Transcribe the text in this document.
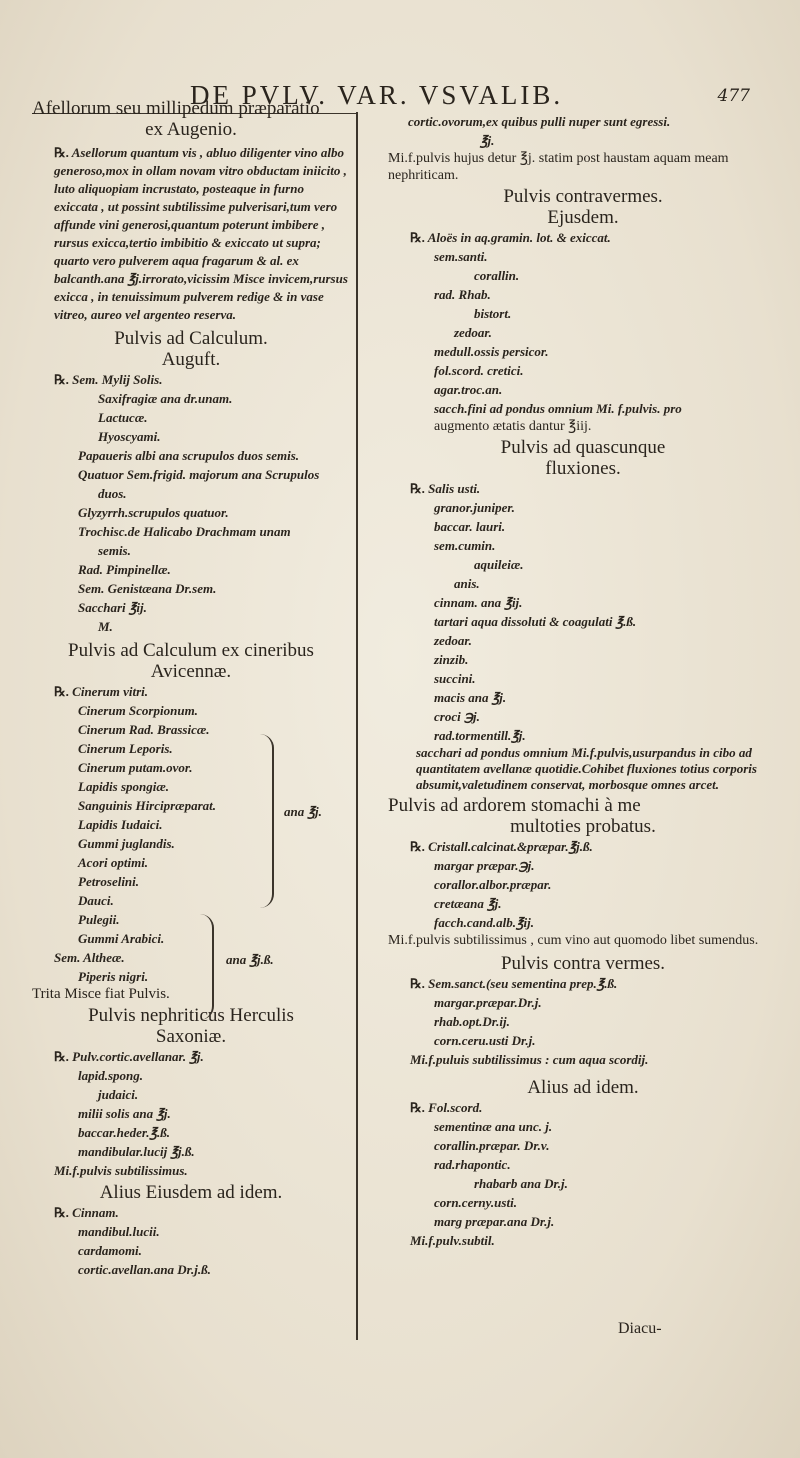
DE PVLV. VAR. VSVALIB.	477

Afellorum seu millipedum præparatio

ex Augenio.

℞. Asellorum quantum vis , abluo diligenter vino albo generoso,mox in ollam novam vitro obductam iniicito , luto aliquopiam incrustato, posteaque in furno exiccata , ut possint subtilissime pulverisari,tum vero affunde vini generosi,quantum poterunt imbibere , rursus exicca,tertio imbibitio & exiccato ut supra; quarto vero pulverem aqua fragarum & al. ex balcanth.ana ℥j.irrorato,vicissim Misce invicem,rursus exicca , in tenuissimum pulverem redige & in vase vitreo, aureo vel argenteo reserva.

Pulvis ad Calculum.

Auguft.

℞. Sem. Mylij Solis.

Saxifragiæ ana dr.unam.

Lactucæ.

Hyoscyami.

Papaueris albi ana scrupulos duos semis.

Quatuor Sem.frigid. majorum ana Scrupulos

duos.

Glyzyrrh.scrupulos quatuor.

Trochisc.de Halicabo Drachmam unam

semis.

Rad. Pimpinellæ.

Sem. Genistæana Dr.sem.

Sacchari ℥ij.

M.

Pulvis ad Calculum ex cineribus

Avicennæ.

℞. Cinerum vitri.

Cinerum Scorpionum.

Cinerum Rad. Brassicæ.

Cinerum Leporis.

Cinerum putam.ovor.

Lapidis spongiæ.

Sanguinis Hircipræparat.

Lapidis Iudaici.

Gummi juglandis.

Acori optimi.

Petroselini.

Dauci.

Pulegii.

Gummi Arabici.

Sem. Altheæ.

Piperis nigri.

Trita Misce fiat Pulvis.

Pulvis nephriticus Herculis

Saxoniæ.

℞. Pulv.cortic.avellanar. ℥j.

lapid.spong.

judaici.

milii solis ana ℥j.

baccar.heder.℥.ß.

mandibular.lucij ℥j.ß.

Mi.f.pulvis subtilissimus.

Alius Eiusdem ad idem.

℞. Cinnam.

mandibul.lucii.

cardamomi.

cortic.avellan.ana Dr.j.ß.

ana ℥j.
ana ℥j.ß.

cortic.ovorum,ex quibus pulli nuper sunt egressi.

℥j.

Mi.f.pulvis hujus detur ℥j. statim post haustam aquam meam nephriticam.

Pulvis contravermes.

Ejusdem.

℞. Aloës in aq.gramin. lot. & exiccat.

sem.santi.

corallin.

rad. Rhab.

bistort.

zedoar.

medull.ossis persicor.

fol.scord. cretici.

agar.troc.an.

sacch.fini ad pondus omnium Mi. f.pulvis. pro

augmento ætatis dantur ℥iij.

Pulvis ad quascunque

fluxiones.

℞. Salis usti.

granor.juniper.

baccar. lauri.

sem.cumin.

aquileiæ.

anis.

cinnam. ana ℥ij.

tartari aqua dissoluti & coagulati ℥.ß.

zedoar.

zinzib.

succini.

macis ana ℥j.

croci ℈j.

rad.tormentill.℥j.

sacchari ad pondus omnium Mi.f.pulvis,usurpandus in cibo ad quantitatem avellanæ quotidie.Cohibet fluxiones totius corporis absumit,valetudinem conservat, morbosque omnes arcet.

Pulvis ad ardorem stomachi à me

multoties probatus.

℞. Cristall.calcinat.&præpar.℥j.ß.

margar præpar.℈j.

corallor.albor.præpar.

cretæana ℥j.

facch.cand.alb.℥ij.

Mi.f.pulvis subtilissimus , cum vino aut quomodo libet sumendus.

Pulvis contra vermes.

℞. Sem.sanct.(seu sementina prep.℥.ß.

margar.præpar.Dr.j.

rhab.opt.Dr.ij.

corn.ceru.usti Dr.j.

Mi.f.puluis subtilissimus : cum aqua scordij.

Alius ad idem.

℞. Fol.scord.

sementinæ ana unc. j.

corallin.præpar. Dr.v.

rad.rhapontic.

rhabarb ana Dr.j.

corn.cerny.usti.

marg præpar.ana Dr.j.

Mi.f.pulv.subtil.

Diacu-
